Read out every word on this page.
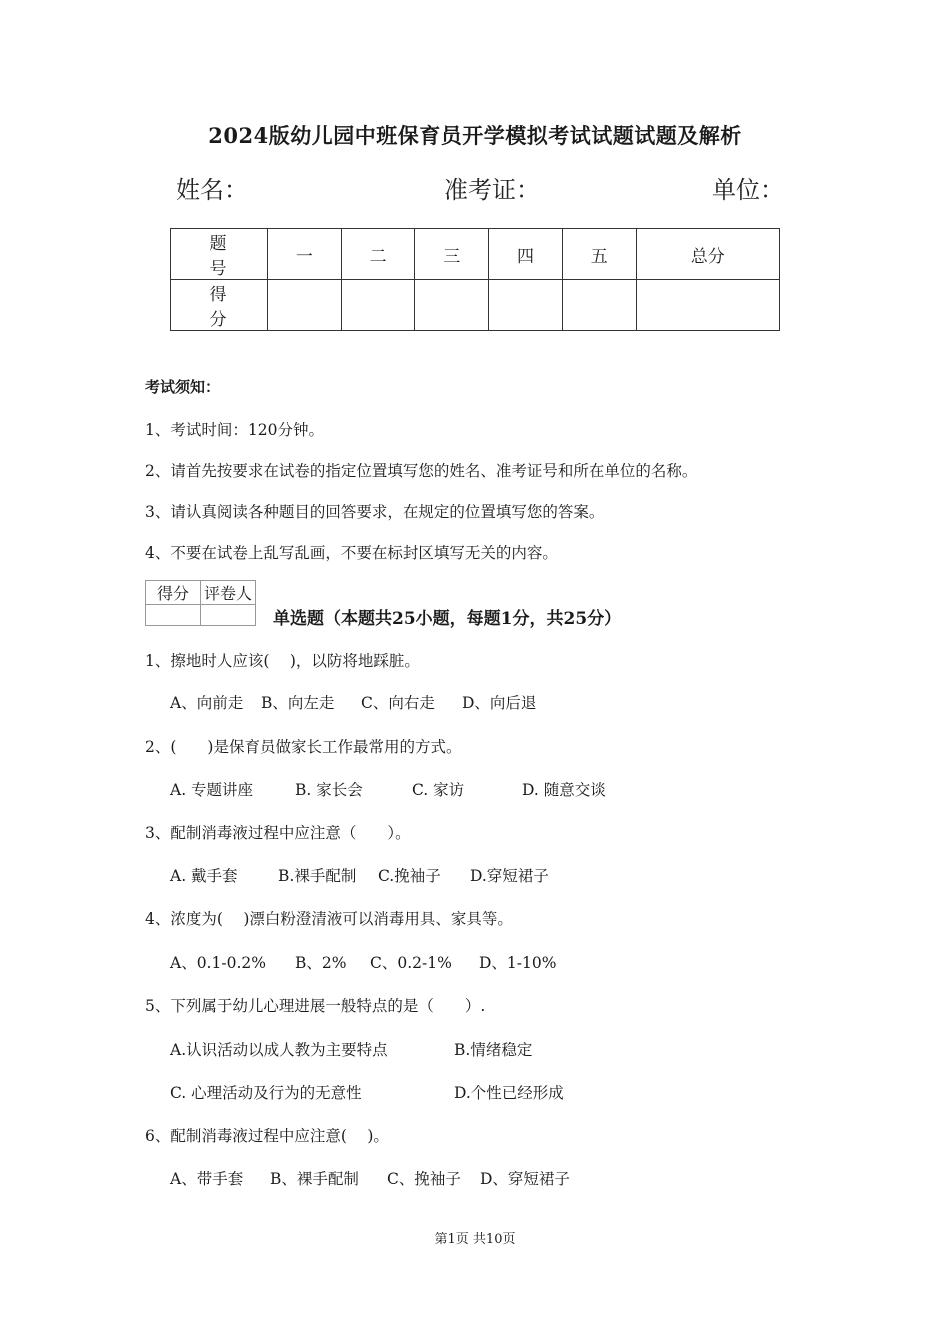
2024版幼儿园中班保育员开学模拟考试试题试题及解析
姓名：	准考证：	单位：
题　号	一	二	三	四	五	总分
得　分						
考试须知：
1、考试时间：120分钟。
2、请首先按要求在试卷的指定位置填写您的姓名、准考证号和所在单位的名称。
3、请认真阅读各种题目的回答要求，在规定的位置填写您的答案。
4、不要在试卷上乱写乱画，不要在标封区填写无关的内容。
得分	评卷人

单选题（本题共25小题，每题1分，共25分）
1、擦地时人应该(　 )，以防将地踩脏。
A、向前走 B、向左走 C、向右走 D、向后退
2、(　　)是保育员做家长工作最常用的方式。
A. 专题讲座	B. 家长会	C. 家访	D. 随意交谈
3、配制消毒液过程中应注意（　　）。
A. 戴手套	B.裸手配制 C.挽袖子 D.穿短裙子
4、浓度为(　 )漂白粉澄清液可以消毒用具、家具等。
A、0.1-0.2% B、2% C、0.2-1% D、1-10%
5、下列属于幼儿心理进展一般特点的是（　　）.
A.认识活动以成人教为主要特点	B.情绪稳定
C. 心理活动及行为的无意性	D.个性已经形成
6、配制消毒液过程中应注意(　 )。
A、带手套 B、裸手配制 C、挽袖子 D、穿短裙子
第1页 共10页
